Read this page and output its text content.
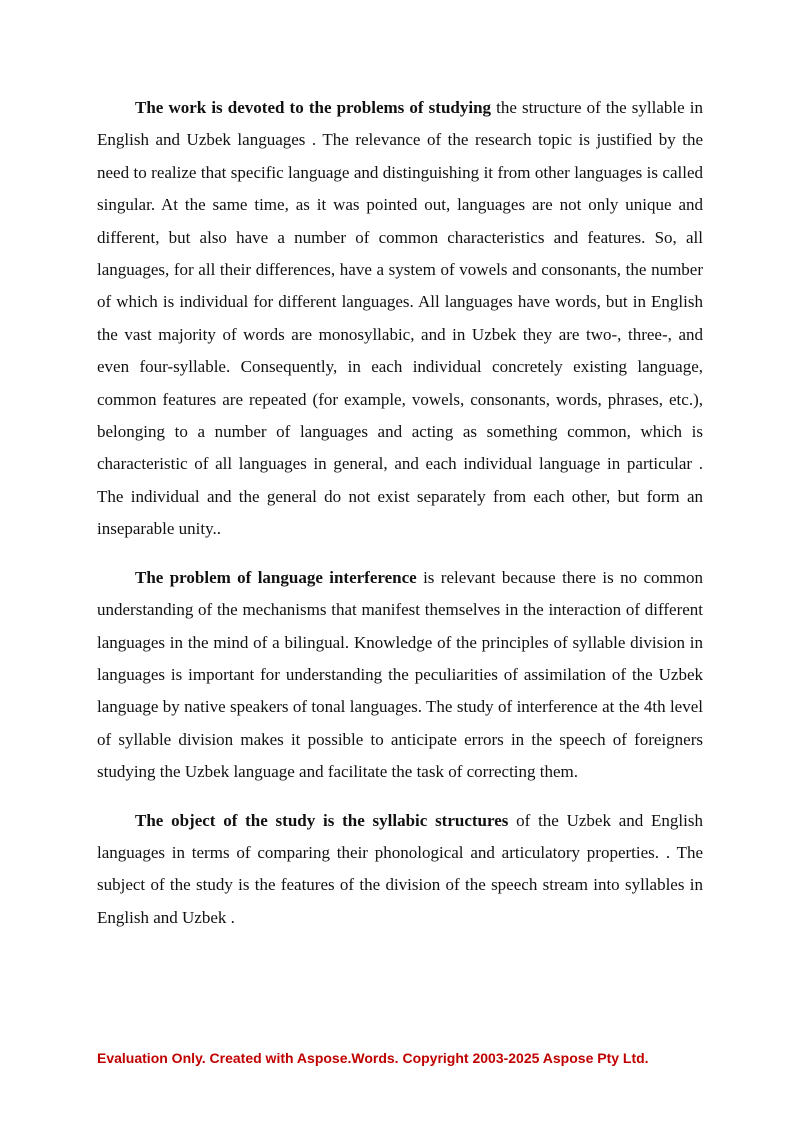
The work is devoted to the problems of studying the structure of the syllable in English and Uzbek languages . The relevance of the research topic is justified by the need to realize that specific language and distinguishing it from other languages is called singular. At the same time, as it was pointed out, languages are not only unique and different, but also have a number of common characteristics and features. So, all languages, for all their differences, have a system of vowels and consonants, the number of which is individual for different languages. All languages have words, but in English the vast majority of words are monosyllabic, and in Uzbek they are two-, three-, and even four-syllable. Consequently, in each individual concretely existing language, common features are repeated (for example, vowels, consonants, words, phrases, etc.), belonging to a number of languages and acting as something common, which is characteristic of all languages in general, and each individual language in particular . The individual and the general do not exist separately from each other, but form an inseparable unity..

The problem of language interference is relevant because there is no common understanding of the mechanisms that manifest themselves in the interaction of different languages in the mind of a bilingual. Knowledge of the principles of syllable division in languages is important for understanding the peculiarities of assimilation of the Uzbek language by native speakers of tonal languages. The study of interference at the 4th level of syllable division makes it possible to anticipate errors in the speech of foreigners studying the Uzbek language and facilitate the task of correcting them.

The object of the study is the syllabic structures of the Uzbek and English languages in terms of comparing their phonological and articulatory properties. . The subject of the study is the features of the division of the speech stream into syllables in English and Uzbek .

Evaluation Only. Created with Aspose.Words. Copyright 2003-2025 Aspose Pty Ltd.
